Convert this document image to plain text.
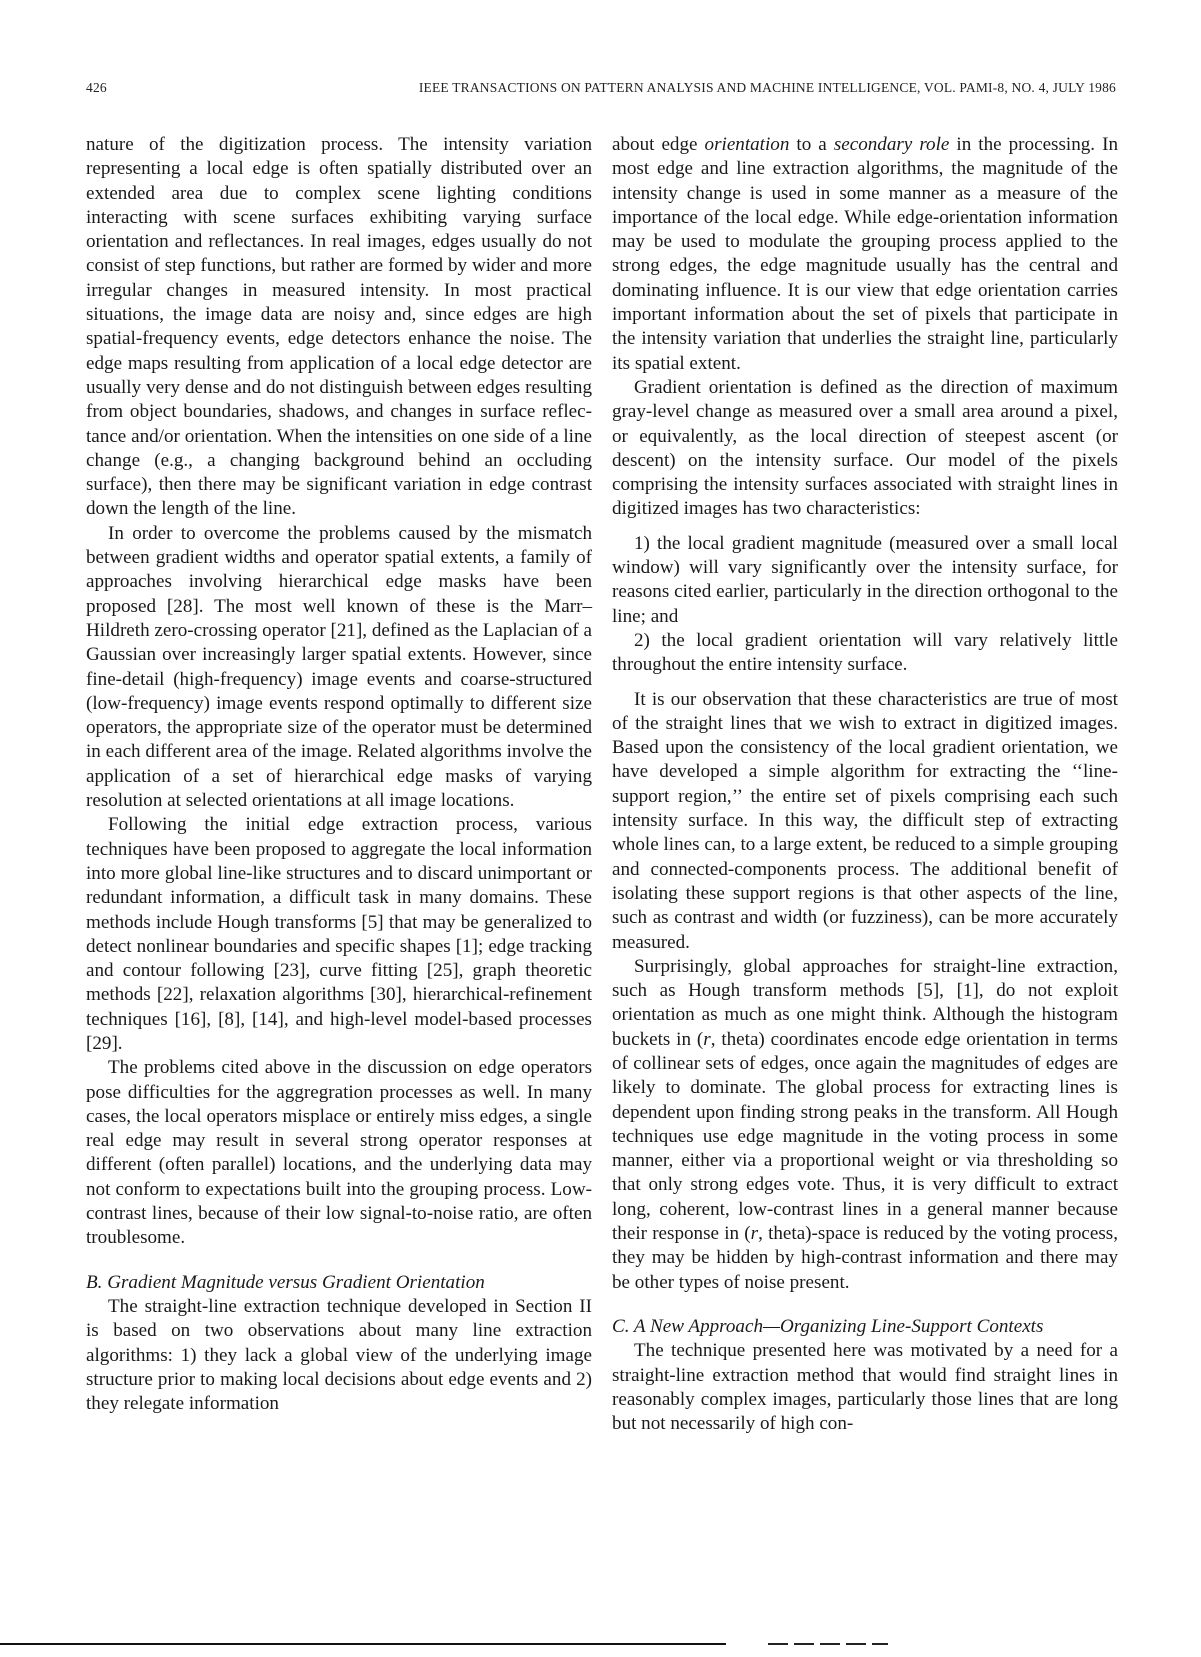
426	IEEE TRANSACTIONS ON PATTERN ANALYSIS AND MACHINE INTELLIGENCE, VOL. PAMI-8, NO. 4, JULY 1986

nature of the digitization process. The intensity variation representing a local edge is often spatially distributed over an extended area due to complex scene lighting conditions interacting with scene surfaces exhibiting varying surface orientation and reflectances. In real images, edges usually do not consist of step functions, but rather are formed by wider and more irregular changes in measured intensity. In most practical situations, the image data are noisy and, since edges are high spatial-frequency events, edge detectors enhance the noise. The edge maps resulting from application of a local edge detector are usually very dense and do not distinguish between edges resulting from object boundaries, shadows, and changes in surface reflectance and/or orientation. When the intensities on one side of a line change (e.g., a changing background behind an occluding surface), then there may be significant variation in edge contrast down the length of the line.

In order to overcome the problems caused by the mismatch between gradient widths and operator spatial extents, a family of approaches involving hierarchical edge masks have been proposed [28]. The most well known of these is the Marr–Hildreth zero-crossing operator [21], defined as the Laplacian of a Gaussian over increasingly larger spatial extents. However, since fine-detail (high-frequency) image events and coarse-structured (low-frequency) image events respond optimally to different size operators, the appropriate size of the operator must be determined in each different area of the image. Related algorithms involve the application of a set of hierarchical edge masks of varying resolution at selected orientations at all image locations.

Following the initial edge extraction process, various techniques have been proposed to aggregate the local information into more global line-like structures and to discard unimportant or redundant information, a difficult task in many domains. These methods include Hough transforms [5] that may be generalized to detect nonlinear boundaries and specific shapes [1]; edge tracking and contour following [23], curve fitting [25], graph theoretic methods [22], relaxation algorithms [30], hierarchical-refinement techniques [16], [8], [14], and high-level model-based processes [29].

The problems cited above in the discussion on edge operators pose difficulties for the aggregration processes as well. In many cases, the local operators misplace or entirely miss edges, a single real edge may result in several strong operator responses at different (often parallel) locations, and the underlying data may not conform to expectations built into the grouping process. Low-contrast lines, because of their low signal-to-noise ratio, are often troublesome.

B. Gradient Magnitude versus Gradient Orientation

The straight-line extraction technique developed in Section II is based on two observations about many line extraction algorithms: 1) they lack a global view of the underlying image structure prior to making local decisions about edge events and 2) they relegate information

about edge orientation to a secondary role in the processing. In most edge and line extraction algorithms, the magnitude of the intensity change is used in some manner as a measure of the importance of the local edge. While edge-orientation information may be used to modulate the grouping process applied to the strong edges, the edge magnitude usually has the central and dominating influence. It is our view that edge orientation carries important information about the set of pixels that participate in the intensity variation that underlies the straight line, particularly its spatial extent.

Gradient orientation is defined as the direction of maximum gray-level change as measured over a small area around a pixel, or equivalently, as the local direction of steepest ascent (or descent) on the intensity surface. Our model of the pixels comprising the intensity surfaces associated with straight lines in digitized images has two characteristics:

1) the local gradient magnitude (measured over a small local window) will vary significantly over the intensity surface, for reasons cited earlier, particularly in the direction orthogonal to the line; and

2) the local gradient orientation will vary relatively little throughout the entire intensity surface.

It is our observation that these characteristics are true of most of the straight lines that we wish to extract in digitized images. Based upon the consistency of the local gradient orientation, we have developed a simple algorithm for extracting the ‘‘line-support region,’’ the entire set of pixels comprising each such intensity surface. In this way, the difficult step of extracting whole lines can, to a large extent, be reduced to a simple grouping and connected-components process. The additional benefit of isolating these support regions is that other aspects of the line, such as contrast and width (or fuzziness), can be more accurately measured.

Surprisingly, global approaches for straight-line extraction, such as Hough transform methods [5], [1], do not exploit orientation as much as one might think. Although the histogram buckets in (r, theta) coordinates encode edge orientation in terms of collinear sets of edges, once again the magnitudes of edges are likely to dominate. The global process for extracting lines is dependent upon finding strong peaks in the transform. All Hough techniques use edge magnitude in the voting process in some manner, either via a proportional weight or via thresholding so that only strong edges vote. Thus, it is very difficult to extract long, coherent, low-contrast lines in a general manner because their response in (r, theta)-space is reduced by the voting process, they may be hidden by high-contrast information and there may be other types of noise present.

C. A New Approach—Organizing Line-Support Contexts

The technique presented here was motivated by a need for a straight-line extraction method that would find straight lines in reasonably complex images, particularly those lines that are long but not necessarily of high con-
